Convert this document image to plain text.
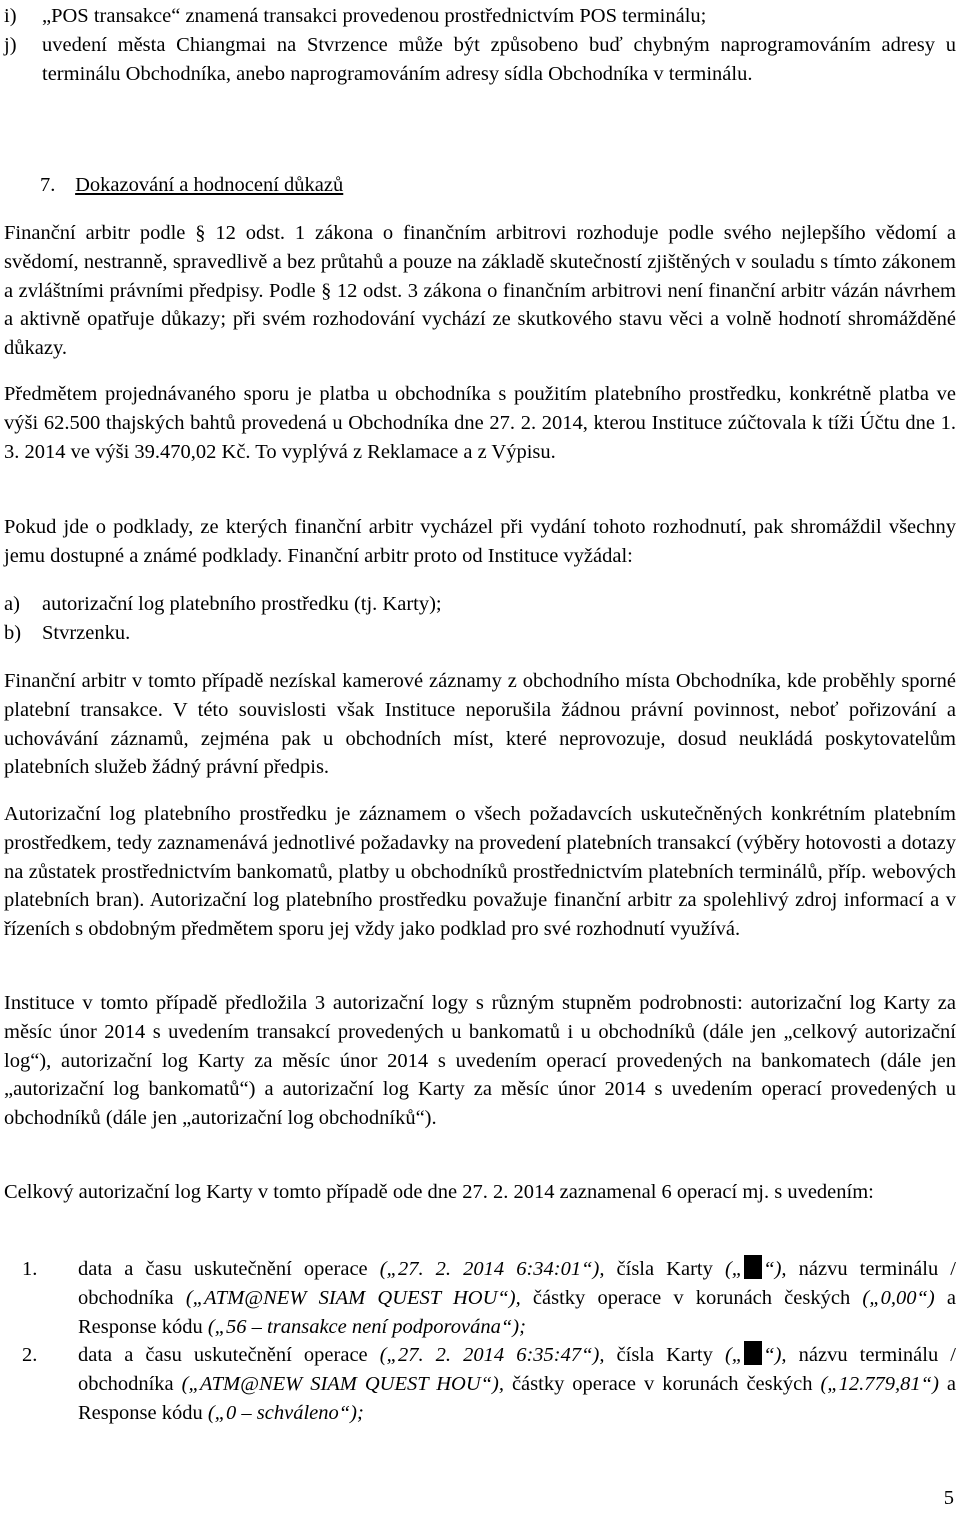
i)	„POS transakce“ znamená transakci provedenou prostřednictvím POS terminálu;
j)	uvedení města Chiangmai na Stvrzence může být způsobeno buď chybným naprogramováním adresy u terminálu Obchodníka, anebo naprogramováním adresy sídla Obchodníka v terminálu.
7. Dokazování a hodnocení důkazů

Finanční arbitr podle § 12 odst. 1 zákona o finančním arbitrovi rozhoduje podle svého nejlepšího vědomí a svědomí, nestranně, spravedlivě a bez průtahů a pouze na základě skutečností zjištěných v souladu s tímto zákonem a zvláštními právními předpisy. Podle § 12 odst. 3 zákona o finančním arbitrovi není finanční arbitr vázán návrhem a aktivně opatřuje důkazy; při svém rozhodování vychází ze skutkového stavu věci a volně hodnotí shromážděné důkazy.

Předmětem projednávaného sporu je platba u obchodníka s použitím platebního prostředku, konkrétně platba ve výši 62.500 thajských bahtů provedená u Obchodníka dne 27. 2. 2014, kterou Instituce zúčtovala k tíži Účtu dne 1. 3. 2014 ve výši 39.470,02 Kč. To vyplývá z Reklamace a z Výpisu.

Pokud jde o podklady, ze kterých finanční arbitr vycházel při vydání tohoto rozhodnutí, pak shromáždil všechny jemu dostupné a známé podklady. Finanční arbitr proto od Instituce vyžádal:

a)	autorizační log platebního prostředku (tj. Karty);
b)	Stvrzenku.

Finanční arbitr v tomto případě nezískal kamerové záznamy z obchodního místa Obchodníka, kde proběhly sporné platební transakce. V této souvislosti však Instituce neporušila žádnou právní povinnost, neboť pořizování a uchovávání záznamů, zejména pak u obchodních míst, které neprovozuje, dosud neukládá poskytovatelům platebních služeb žádný právní předpis.

Autorizační log platebního prostředku je záznamem o všech požadavcích uskutečněných konkrétním platebním prostředkem, tedy zaznamenává jednotlivé požadavky na provedení platebních transakcí (výběry hotovosti a dotazy na zůstatek prostřednictvím bankomatů, platby u obchodníků prostřednictvím platebních terminálů, příp. webových platebních bran). Autorizační log platebního prostředku považuje finanční arbitr za spolehlivý zdroj informací a v řízeních s obdobným předmětem sporu jej vždy jako podklad pro své rozhodnutí využívá.

Instituce v tomto případě předložila 3 autorizační logy s různým stupněm podrobnosti: autorizační log Karty za měsíc únor 2014 s uvedením transakcí provedených u bankomatů i u obchodníků (dále jen „celkový autorizační log“), autorizační log Karty za měsíc únor 2014 s uvedením operací provedených na bankomatech (dále jen „autorizační log bankomatů“) a autorizační log Karty za měsíc únor 2014 s uvedením operací provedených u obchodníků (dále jen „autorizační log obchodníků“).

Celkový autorizační log Karty v tomto případě ode dne 27. 2. 2014 zaznamenal 6 operací mj. s uvedením:

1.	data a času uskutečnění operace („27. 2. 2014 6:34:01“), čísla Karty („ “), názvu terminálu / obchodníka („ATM@NEW SIAM QUEST HOU“), částky operace v korunách českých („0,00“) a Response kódu („56 – transakce není podporována“);
2.	data a času uskutečnění operace („27. 2. 2014 6:35:47“), čísla Karty („ “), názvu terminálu / obchodníka („ATM@NEW SIAM QUEST HOU“), částky operace v korunách českých („12.779,81“) a Response kódu („0 – schváleno“);
5
